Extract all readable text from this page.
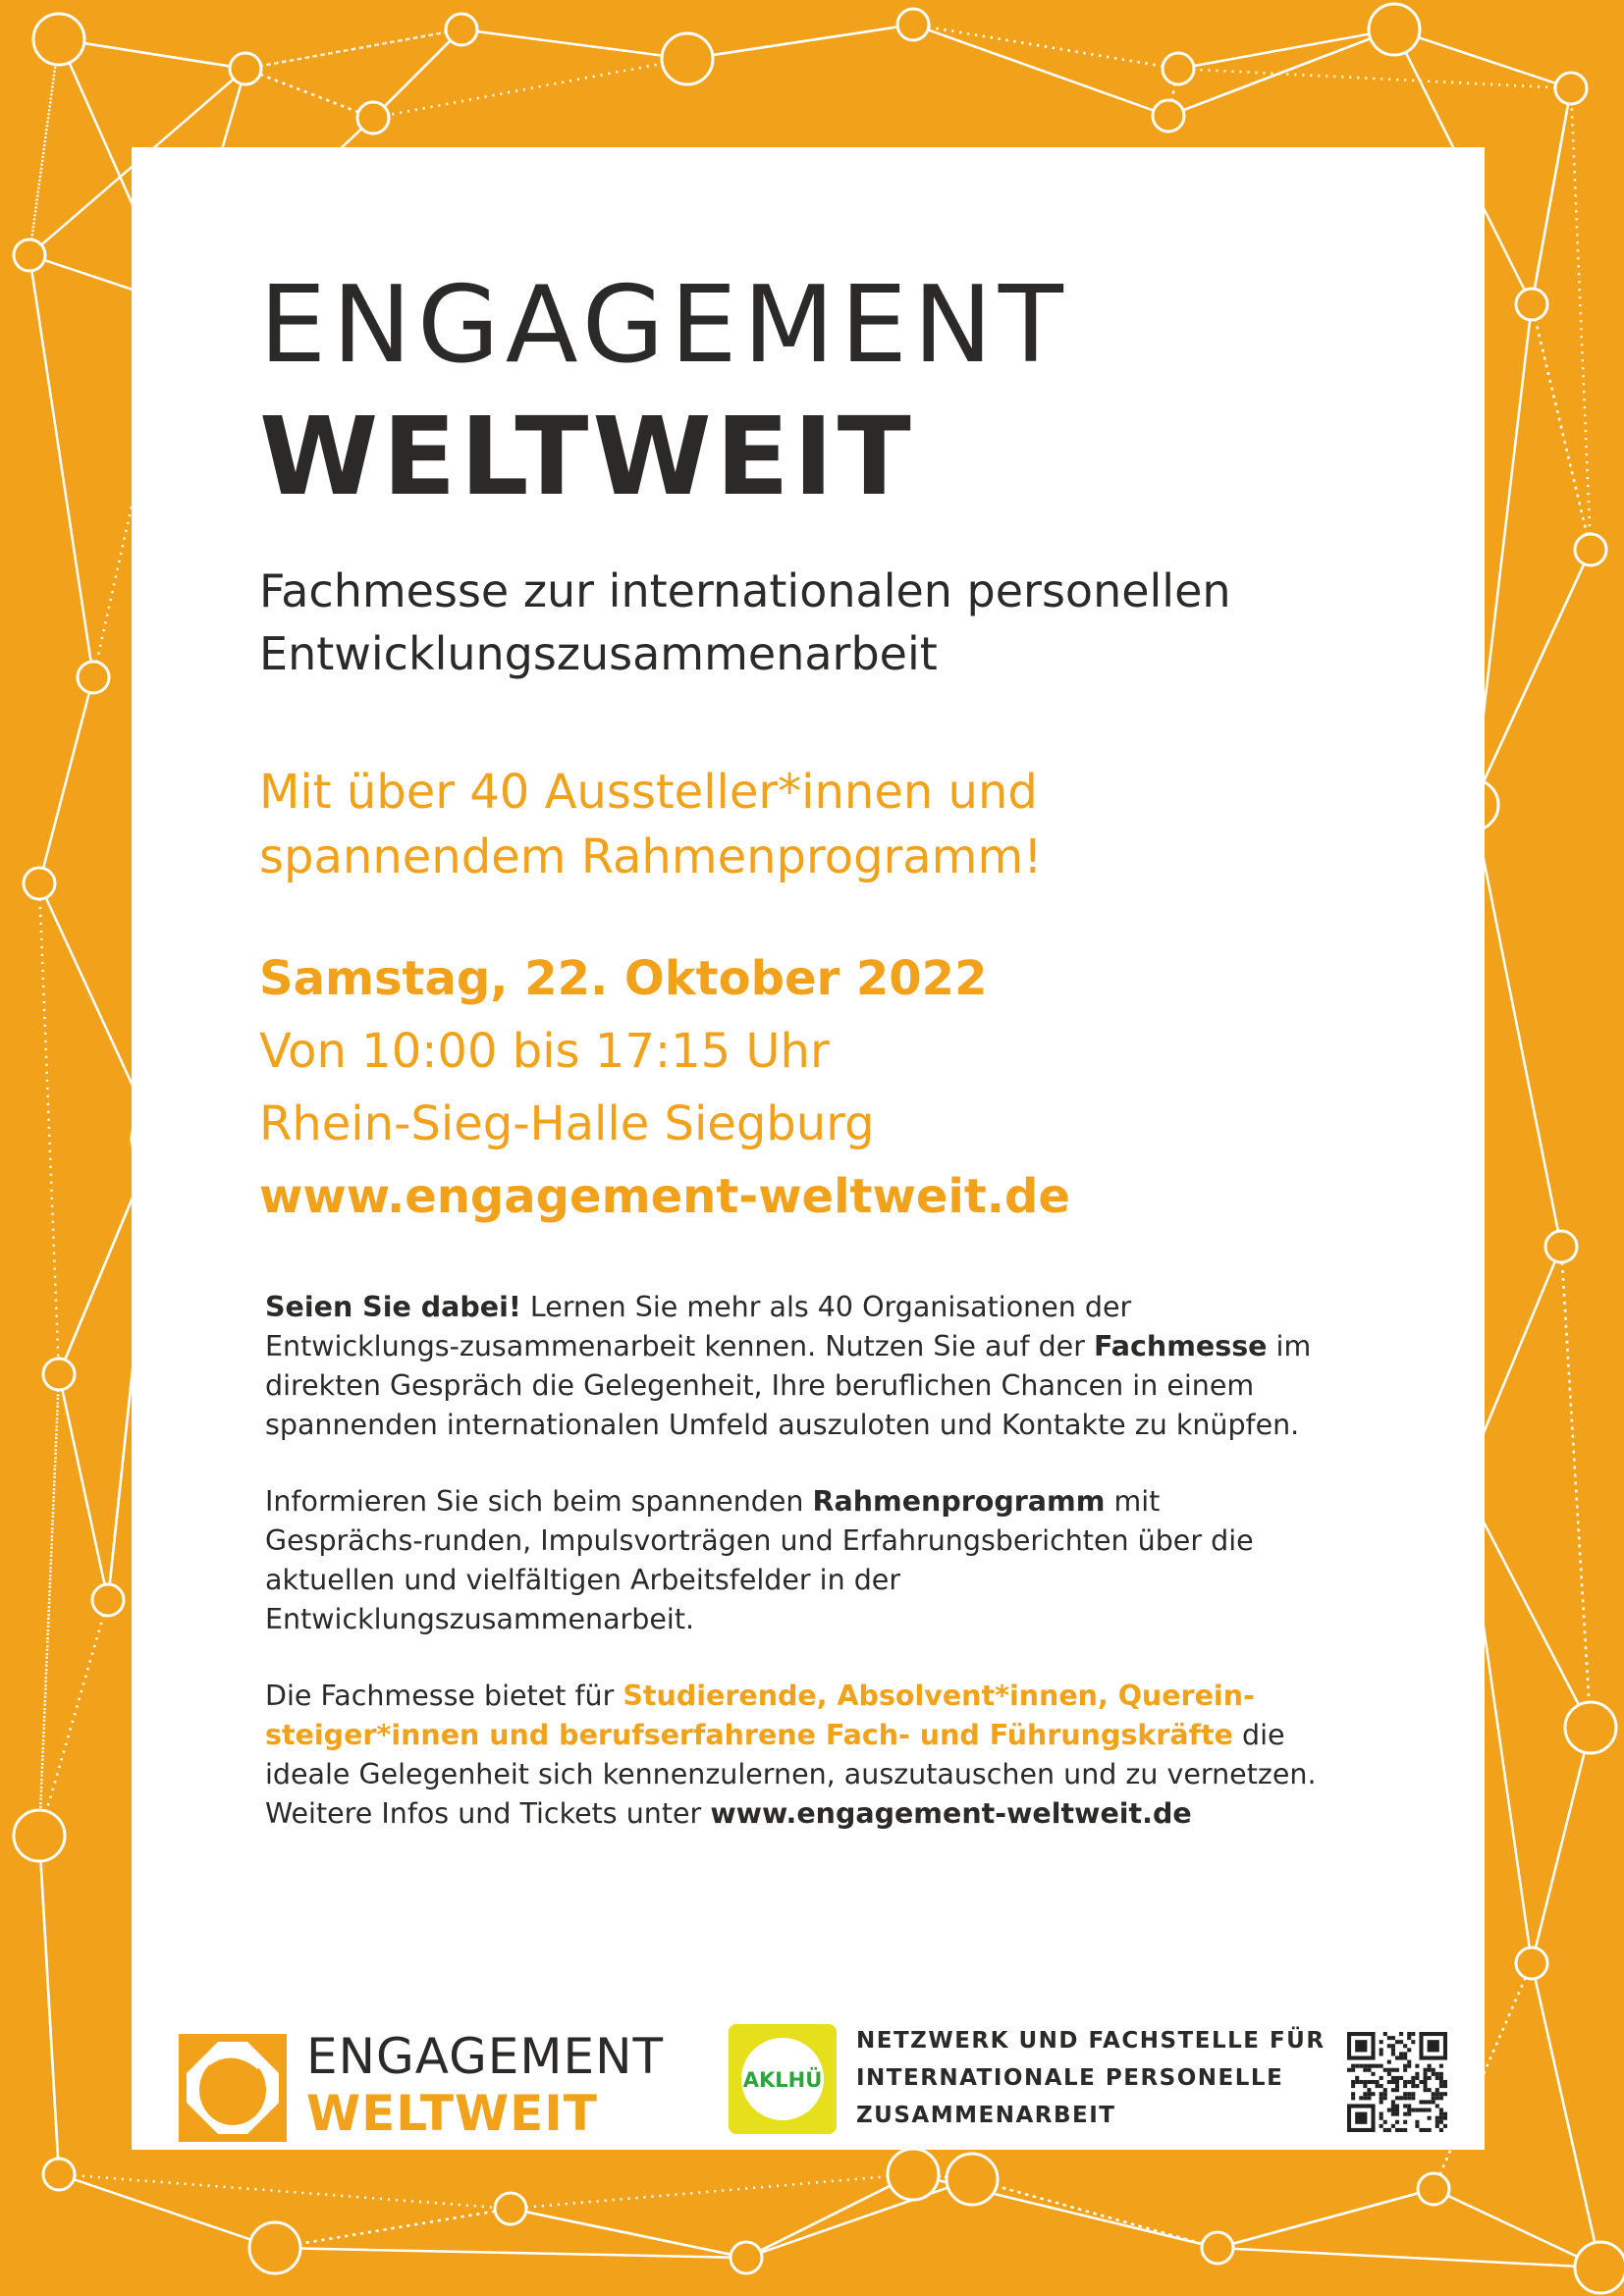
ENGAGEMENT
WELTWEIT

Fachmesse zur internationalen personellen
Entwicklungszusammenarbeit

Mit über 40 Aussteller*innen und
spannendem Rahmenprogramm!

Samstag, 22. Oktober 2022
Von 10:00 bis 17:15 Uhr
Rhein-Sieg-Halle Siegburg
www.engagement-weltweit.de

Seien Sie dabei! Lernen Sie mehr als 40 Organisationen der Entwicklungs-zusammenarbeit kennen. Nutzen Sie auf der Fachmesse im direkten Gespräch die Gelegenheit, Ihre beruflichen Chancen in einem spannenden internationalen Umfeld auszuloten und Kontakte zu knüpfen.

Informieren Sie sich beim spannenden Rahmenprogramm mit Gesprächs-runden, Impulsvorträgen und Erfahrungsberichten über die aktuellen und vielfältigen Arbeitsfelder in der Entwicklungszusammenarbeit.

Die Fachmesse bietet für Studierende, Absolvent*innen, Querein-steiger*innen und berufserfahrene Fach- und Führungskräfte die ideale Gelegenheit sich kennenzulernen, auszutauschen und zu vernetzen.
Weitere Infos und Tickets unter www.engagement-weltweit.de

ENGAGEMENT
WELTWEIT
AKLHÜ
NETZWERK UND FACHSTELLE FÜR
INTERNATIONALE PERSONELLE
ZUSAMMENARBEIT
